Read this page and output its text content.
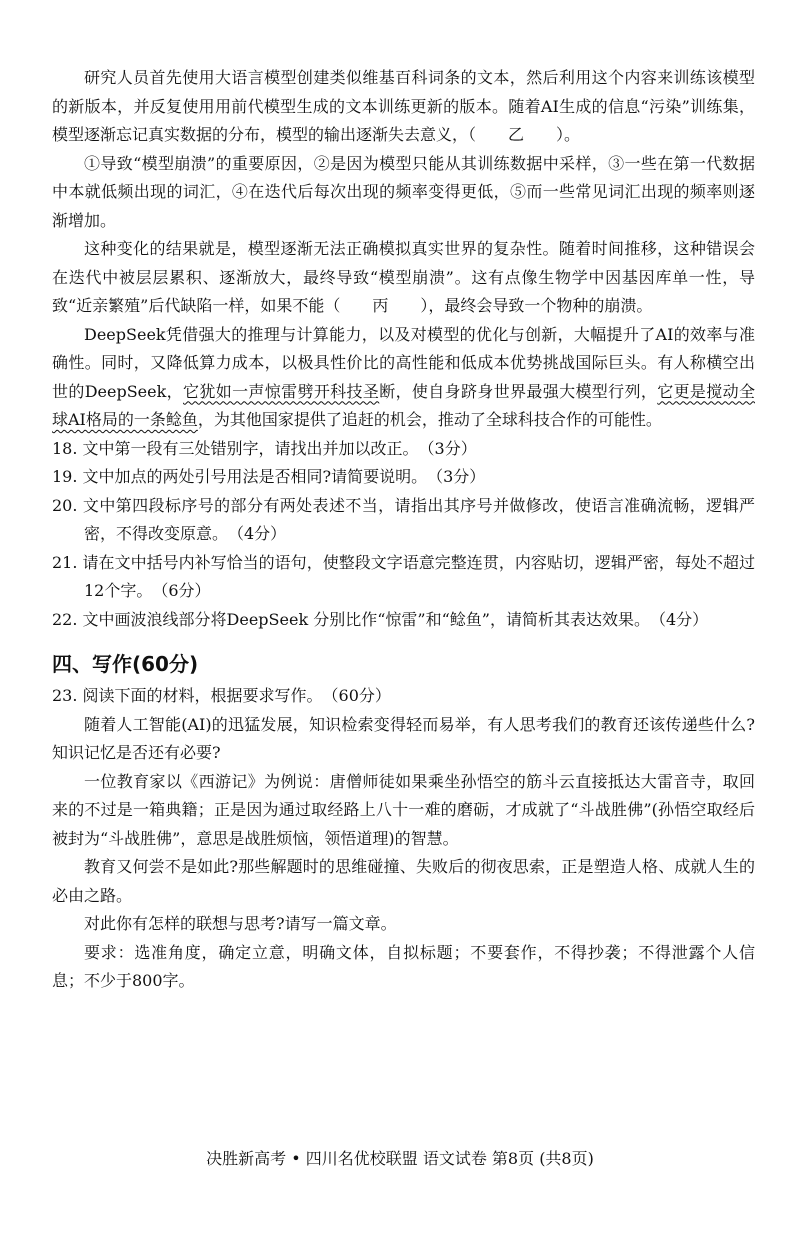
研究人员首先使用大语言模型创建类似维基百科词条的文本，然后利用这个内容来训练该模型的新版本，并反复使用用前代模型生成的文本训练更新的版本。随着AI生成的信息“污染”训练集，模型逐渐忘记真实数据的分布，模型的输出逐渐失去意义，（　　乙　　）。

①导致“模型崩溃”的重要原因，②是因为模型只能从其训练数据中采样，③一些在第一代数据中本就低频出现的词汇，④在迭代后每次出现的频率变得更低，⑤而一些常见词汇出现的频率则逐渐增加。

这种变化的结果就是，模型逐渐无法正确模拟真实世界的复杂性。随着时间推移，这种错误会在迭代中被层层累积、逐渐放大，最终导致“模型崩溃”。这有点像生物学中因基因库单一性，导致“近亲繁殖”后代缺陷一样，如果不能（　　丙　　），最终会导致一个物种的崩溃。

DeepSeek凭借强大的推理与计算能力，以及对模型的优化与创新，大幅提升了AI的效率与准确性。同时，又降低算力成本，以极具性价比的高性能和低成本优势挑战国际巨头。有人称横空出世的DeepSeek，它犹如一声惊雷劈开科技圣断，使自身跻身世界最强大模型行列，它更是搅动全球AI格局的一条鲶鱼，为其他国家提供了追赶的机会，推动了全球科技合作的可能性。

18. 文中第一段有三处错别字，请找出并加以改正。　（3分）

19. 文中加点的两处引号用法是否相同?请简要说明。　（3分）

20. 文中第四段标序号的部分有两处表述不当，请指出其序号并做修改，使语言准确流畅，逻辑严密，不得改变原意。　（4分）

21. 请在文中括号内补写恰当的语句，使整段文字语意完整连贯，内容贴切，逻辑严密，每处不超过12个字。　（6分）

22. 文中画波浪线部分将DeepSeek 分别比作“惊雷”和“鲶鱼”，请简析其表达效果。　（4分）

四、写作(60分)

23. 阅读下面的材料，根据要求写作。　（60分）

随着人工智能(AI)的迅猛发展，知识检索变得轻而易举，有人思考我们的教育还该传递些什么?知识记忆是否还有必要?

一位教育家以《西游记》为例说：唐僧师徒如果乘坐孙悟空的筋斗云直接抵达大雷音寺，取回来的不过是一箱典籍；正是因为通过取经路上八十一难的磨砺，才成就了“斗战胜佛”(孙悟空取经后被封为“斗战胜佛”，意思是战胜烦恼，领悟道理)的智慧。

教育又何尝不是如此?那些解题时的思维碰撞、失败后的彻夜思索，正是塑造人格、成就人生的必由之路。

对此你有怎样的联想与思考?请写一篇文章。

要求：选准角度，确定立意，明确文体，自拟标题；不要套作，不得抄袭；不得泄露个人信息；不少于800字。

决胜新高考 • 四川名优校联盟 语文试卷 第8页 (共8页)
